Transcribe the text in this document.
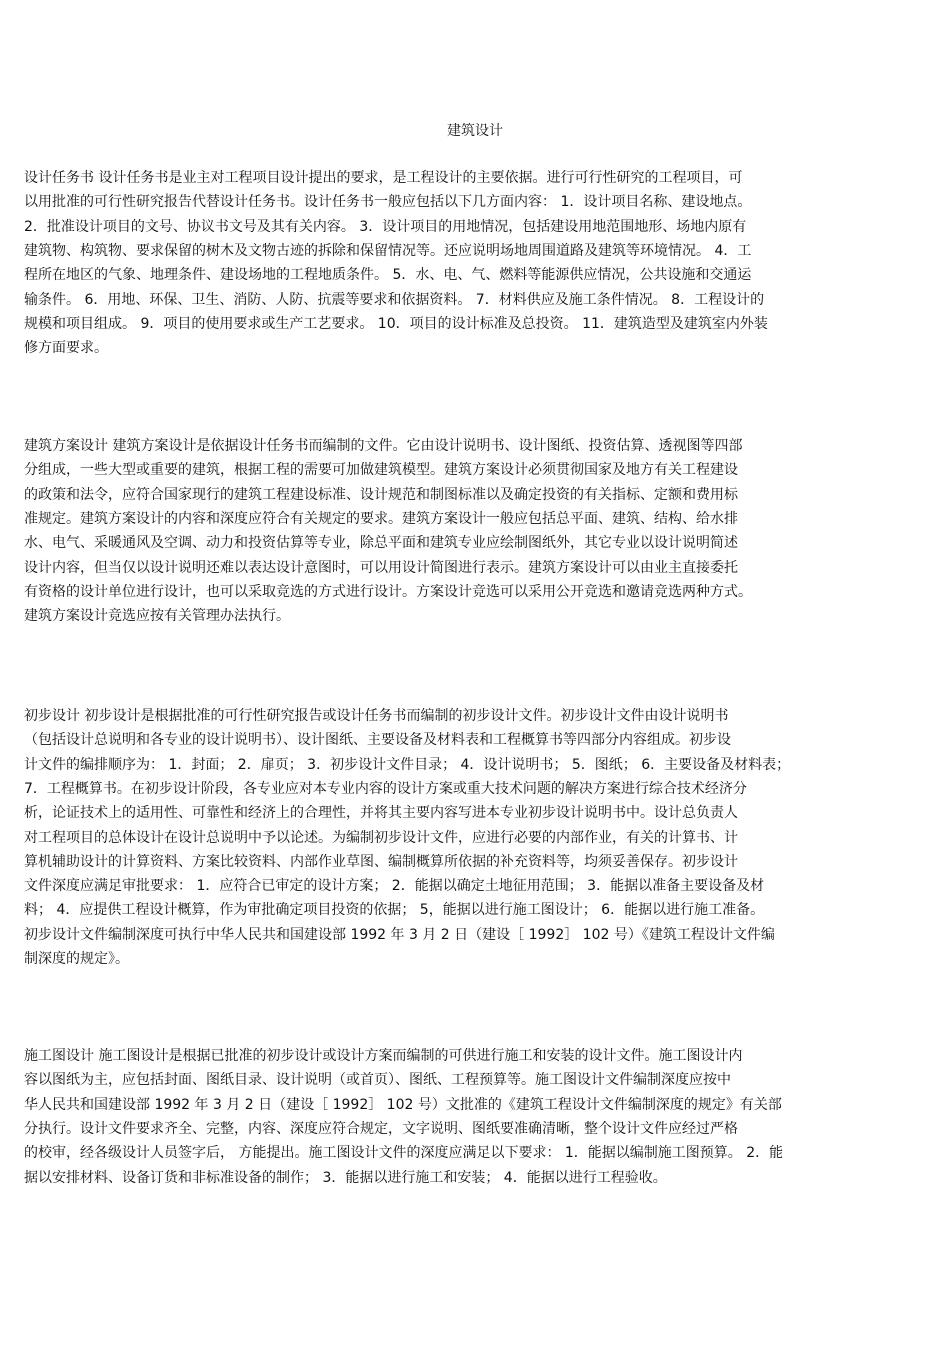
建筑设计
设计任务书 设计任务书是业主对工程项目设计提出的要求，是工程设计的主要依据。进行可行性研究的工程项目，可
以用批准的可行性研究报告代替设计任务书。设计任务书一般应包括以下几方面内容： 1．设计项目名称、建设地点。
2．批准设计项目的文号、协议书文号及其有关内容。 3．设计项目的用地情况，包括建设用地范围地形、场地内原有
建筑物、构筑物、要求保留的树木及文物古迹的拆除和保留情况等。还应说明场地周围道路及建筑等环境情况。 4．工
程所在地区的气象、地理条件、建设场地的工程地质条件。 5．水、电、气、燃料等能源供应情况，公共设施和交通运
输条件。 6．用地、环保、卫生、消防、人防、抗震等要求和依据资料。 7．材料供应及施工条件情况。 8．工程设计的
规模和项目组成。 9．项目的使用要求或生产工艺要求。 10．项目的设计标准及总投资。 11．建筑造型及建筑室内外装
修方面要求。
建筑方案设计 建筑方案设计是依据设计任务书而编制的文件。它由设计说明书、设计图纸、投资估算、透视图等四部
分组成，一些大型或重要的建筑，根据工程的需要可加做建筑模型。建筑方案设计必须贯彻国家及地方有关工程建设
的政策和法令，应符合国家现行的建筑工程建设标准、设计规范和制图标准以及确定投资的有关指标、定额和费用标
准规定。建筑方案设计的内容和深度应符合有关规定的要求。建筑方案设计一般应包括总平面、建筑、结构、给水排
水、电气、采暖通风及空调、动力和投资估算等专业，除总平面和建筑专业应绘制图纸外，其它专业以设计说明简述
设计内容，但当仅以设计说明还难以表达设计意图时，可以用设计简图进行表示。建筑方案设计可以由业主直接委托
有资格的设计单位进行设计，也可以采取竞选的方式进行设计。方案设计竞选可以采用公开竞选和邀请竞选两种方式。
建筑方案设计竞选应按有关管理办法执行。
初步设计 初步设计是根据批准的可行性研究报告或设计任务书而编制的初步设计文件。初步设计文件由设计说明书
（包括设计总说明和各专业的设计说明书）、设计图纸、主要设备及材料表和工程概算书等四部分内容组成。初步设
计文件的编排顺序为： 1．封面； 2．扉页； 3．初步设计文件目录； 4．设计说明书； 5．图纸； 6．主要设备及材料表；
7．工程概算书。在初步设计阶段，各专业应对本专业内容的设计方案或重大技术问题的解决方案进行综合技术经济分
析，论证技术上的适用性、可靠性和经济上的合理性，并将其主要内容写进本专业初步设计说明书中。设计总负责人
对工程项目的总体设计在设计总说明中予以论述。为编制初步设计文件，应进行必要的内部作业，有关的计算书、计
算机辅助设计的计算资料、方案比较资料、内部作业草图、编制概算所依据的补充资料等，均须妥善保存。初步设计
文件深度应满足审批要求： 1．应符合已审定的设计方案； 2．能据以确定土地征用范围； 3．能据以准备主要设备及材
料； 4．应提供工程设计概算，作为审批确定项目投资的依据； 5，能据以进行施工图设计； 6．能据以进行施工准备。
初步设计文件编制深度可执行中华人民共和国建设部 1992 年 3 月 2 日（建设［ 1992］ 102 号）《建筑工程设计文件编
制深度的规定》。
施工图设计 施工图设计是根据已批准的初步设计或设计方案而编制的可供进行施工和安装的设计文件。施工图设计内
容以图纸为主，应包括封面、图纸目录、设计说明（或首页）、图纸、工程预算等。施工图设计文件编制深度应按中
华人民共和国建设部 1992 年 3 月 2 日（建设［ 1992］ 102 号）文批准的《建筑工程设计文件编制深度的规定》有关部
分执行。设计文件要求齐全、完整，内容、深度应符合规定，文字说明、图纸要准确清晰，整个设计文件应经过严格
的校审，经各级设计人员签字后， 方能提出。施工图设计文件的深度应满足以下要求： 1．能据以编制施工图预算。 2．能
据以安排材料、设备订货和非标准设备的制作； 3．能据以进行施工和安装； 4．能据以进行工程验收。
